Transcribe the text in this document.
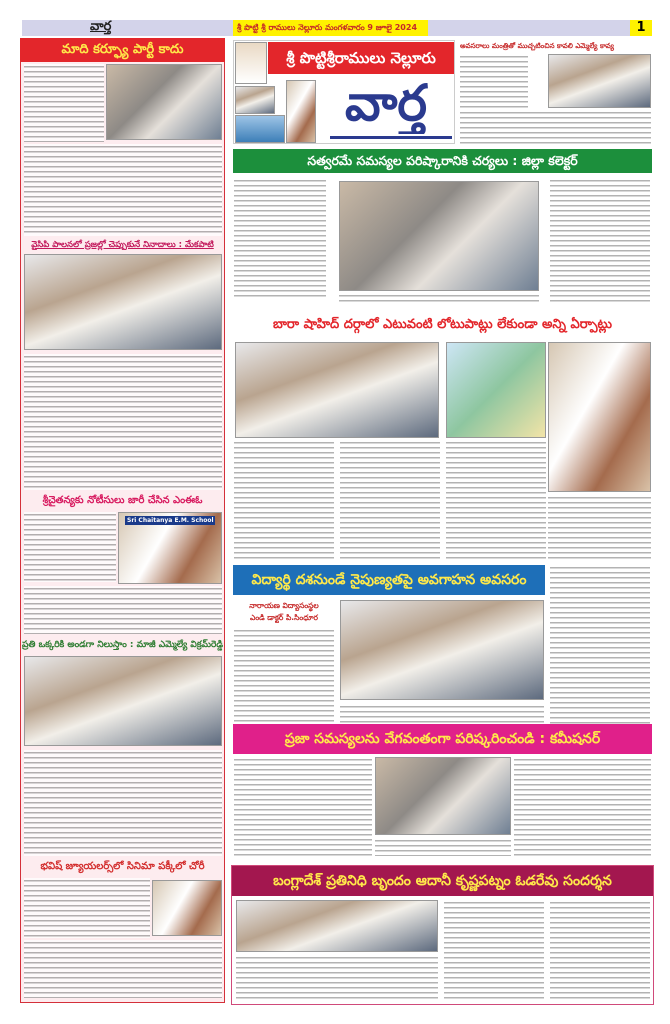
వార్త	శ్రీ పొట్టి శ్రీ రాములు నెల్లూరు మంగళవారం 9 జూలై 2024	1
మాది కర్ఫ్యూ పార్టీ కాదు
వైసిపి పాలనలో ప్రజల్లో చెప్పుకునే నినాదాలు : మేకపాటి
శ్రీచైతన్యకు నోటీసులు జారీ చేసిన ఎంఈఓ
Sri Chaitanya E.M. School
ప్రతి ఒక్కరికి అండగా నిలుస్తాం : మాజీ ఎమ్మెల్యే విక్రమ్‌రెడ్డి
భవిష్ జ్యూయలర్స్‌లో సినిమా పక్కీలో చోరీ
శ్రీ పొట్టిశ్రీరాములు నెల్లూరు
వార్త
అవసరాలు మంత్రితో ముచ్చటించిన కావలి ఎమ్మెల్యే కావ్య
సత్వరమే సమస్యల పరిష్కారానికి చర్యలు : జిల్లా కలెక్టర్
బారా షాహిద్ దర్గాలో ఎటువంటి లోటుపాట్లు లేకుండా అన్ని ఏర్పాట్లు
విద్యార్థి దశనుండే నైపుణ్యతపై అవగాహన అవసరం
నారాయణ విద్యాసంస్థల
ఎండి డాక్టర్ పి.సింధూర
ప్రజా సమస్యలను వేగవంతంగా పరిష్కరించండి : కమీషనర్
బంగ్లాదేశ్ ప్రతినిధి బృందం ఆదానీ కృష్ణపట్నం ఓడరేవు సందర్శన
